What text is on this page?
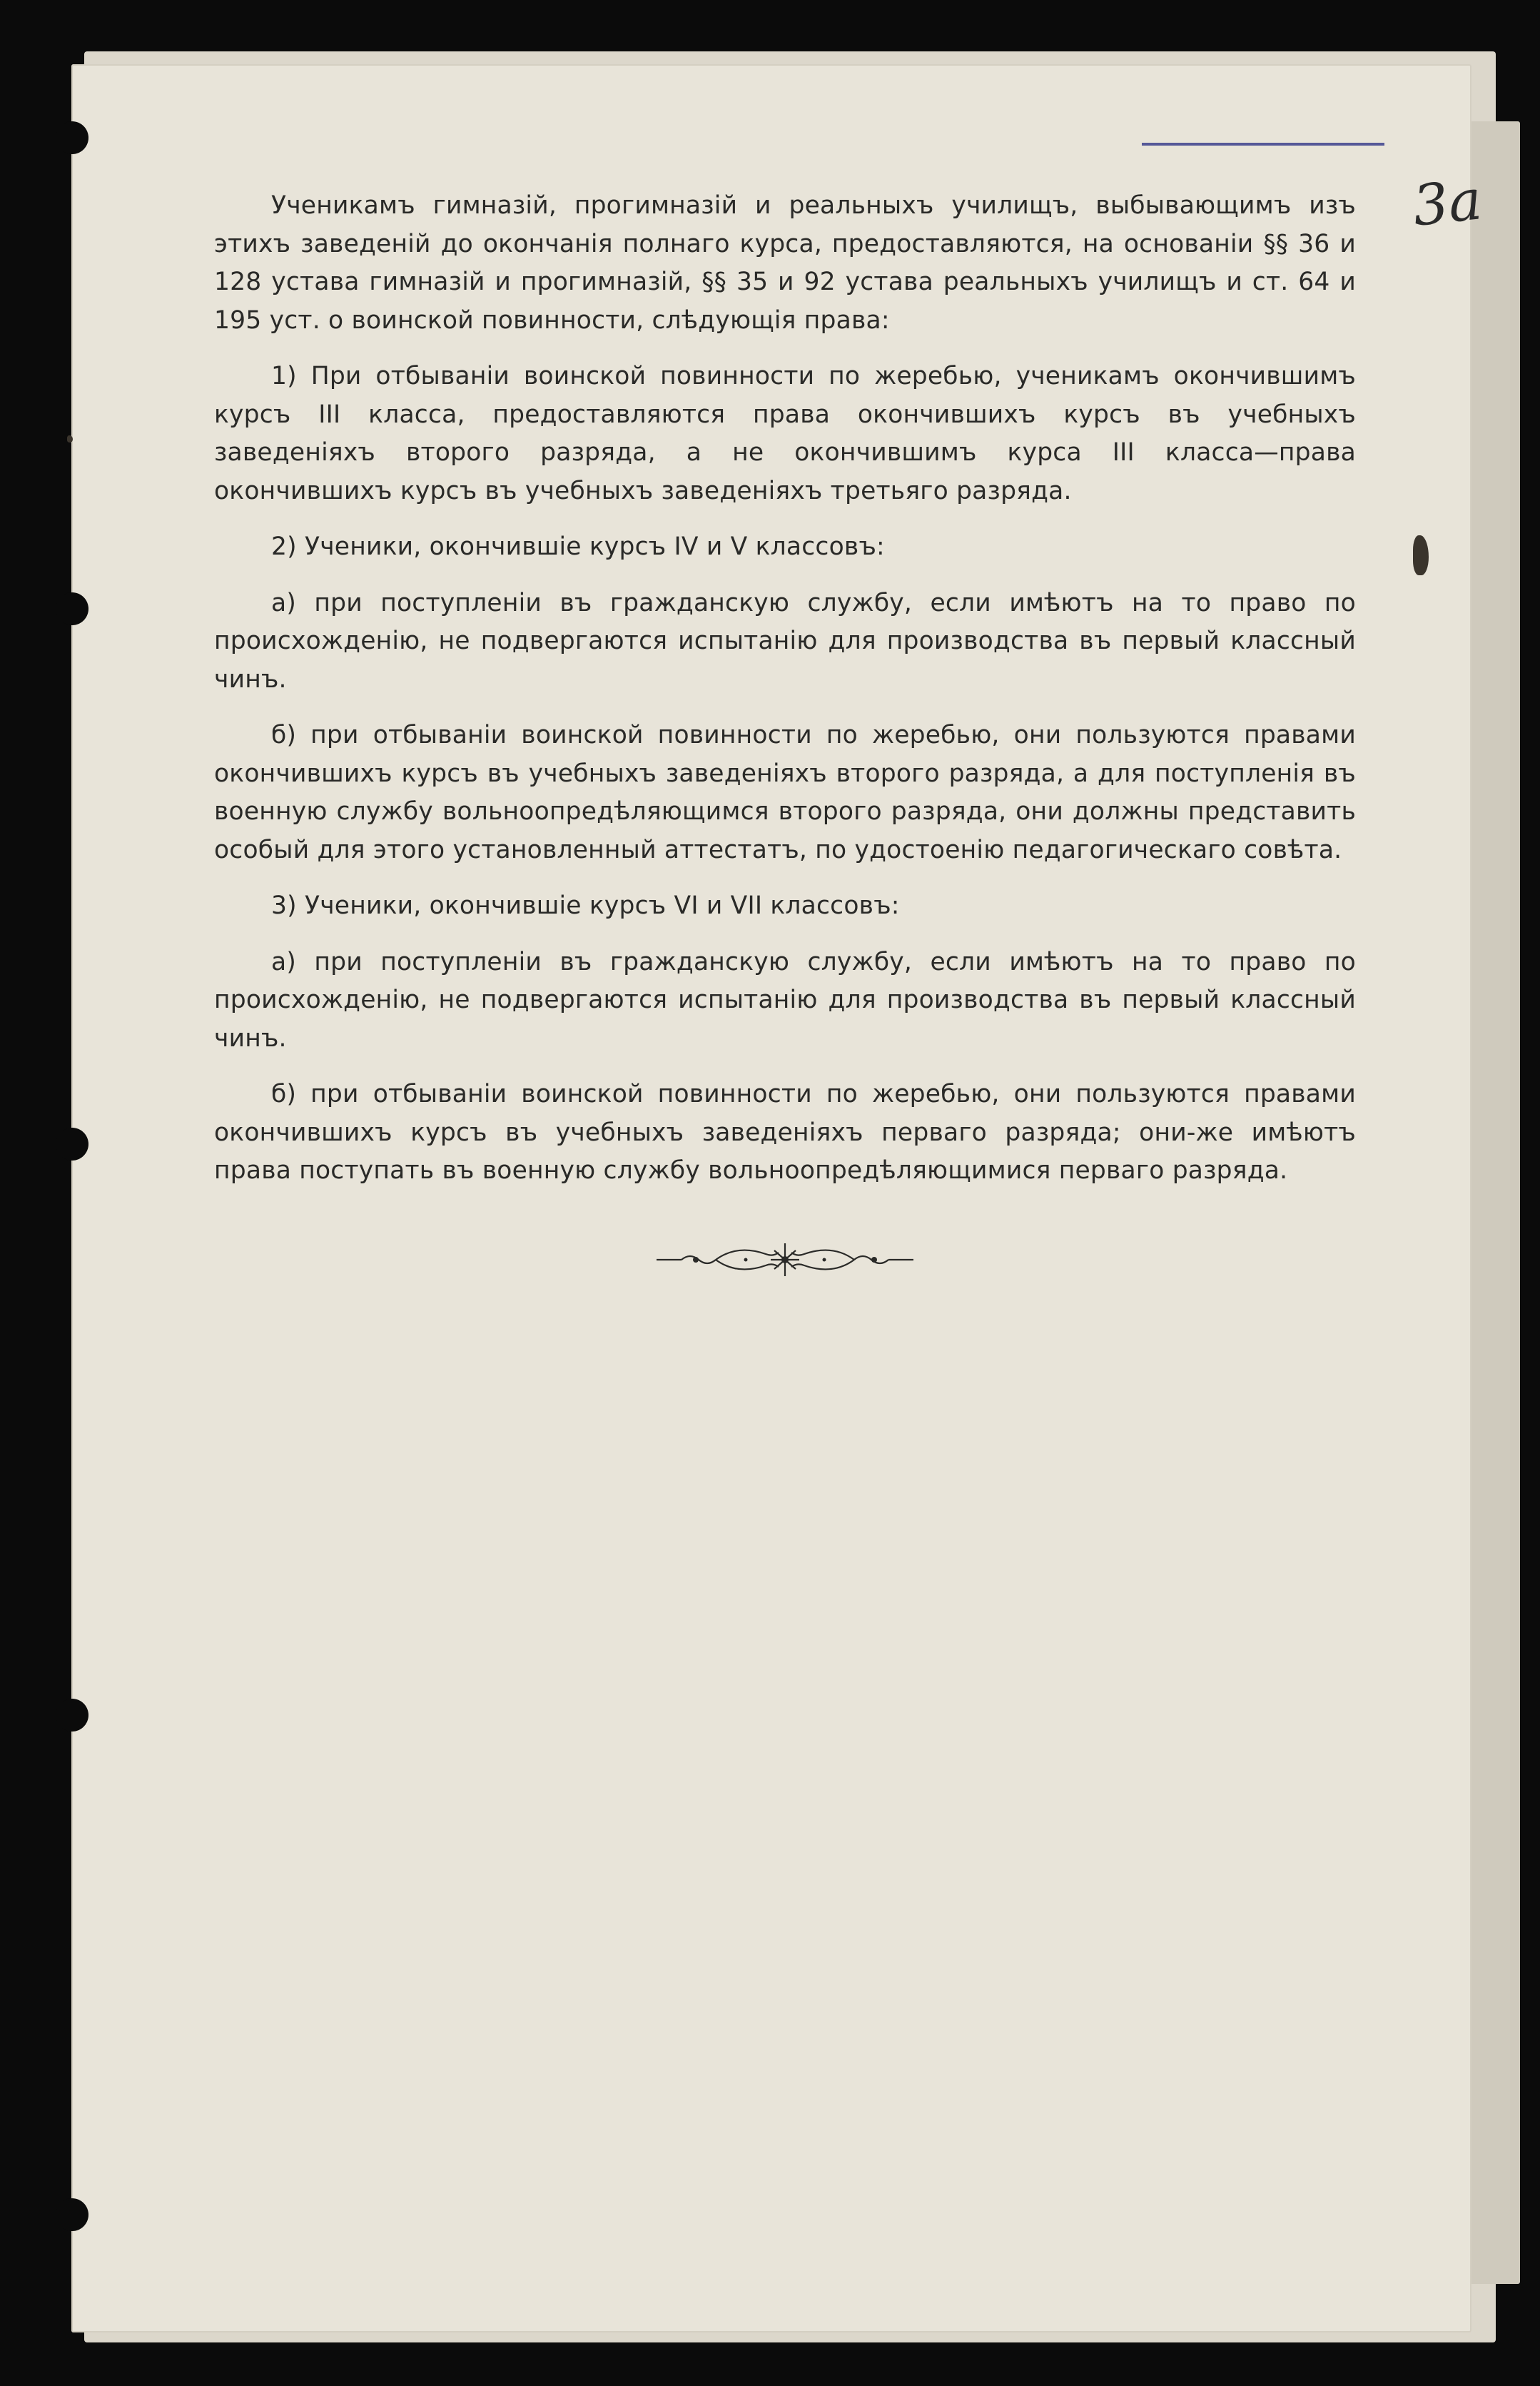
3а

Ученикамъ гимназій, прогимназій и реальныхъ училищъ, выбывающимъ изъ этихъ заведеній до окончанія полнаго курса, предоставляются, на основаніи §§ 36 и 128 устава гимназій и прогимназій, §§ 35 и 92 устава реальныхъ училищъ и ст. 64 и 195 уст. о воинской повинности, слѣдующія права:

1) При отбываніи воинской повинности по жеребью, ученикамъ окончившимъ курсъ III класса, предоставляются права окончившихъ курсъ въ учебныхъ заведеніяхъ второго разряда, а не окончившимъ курса III класса—права окончившихъ курсъ въ учебныхъ заведеніяхъ третьяго разряда.

2) Ученики, окончившіе курсъ IV и V классовъ:

а) при поступленіи въ гражданскую службу, если имѣютъ на то право по происхожденію, не подвергаются испытанію для производства въ первый классный чинъ.

б) при отбываніи воинской повинности по жеребью, они пользуются правами окончившихъ курсъ въ учебныхъ заведеніяхъ второго разряда, а для поступленія въ военную службу вольноопредѣляющимся второго разряда, они должны представить особый для этого установленный аттестатъ, по удостоенію педагогическаго совѣта.

3) Ученики, окончившіе курсъ VI и VII классовъ:

а) при поступленіи въ гражданскую службу, если имѣютъ на то право по происхожденію, не подвергаются испытанію для производства въ первый классный чинъ.

б) при отбываніи воинской повинности по жеребью, они пользуются правами окончившихъ курсъ въ учебныхъ заведеніяхъ перваго разряда; они-же имѣютъ права поступать въ военную службу вольноопредѣляющимися перваго разряда.
